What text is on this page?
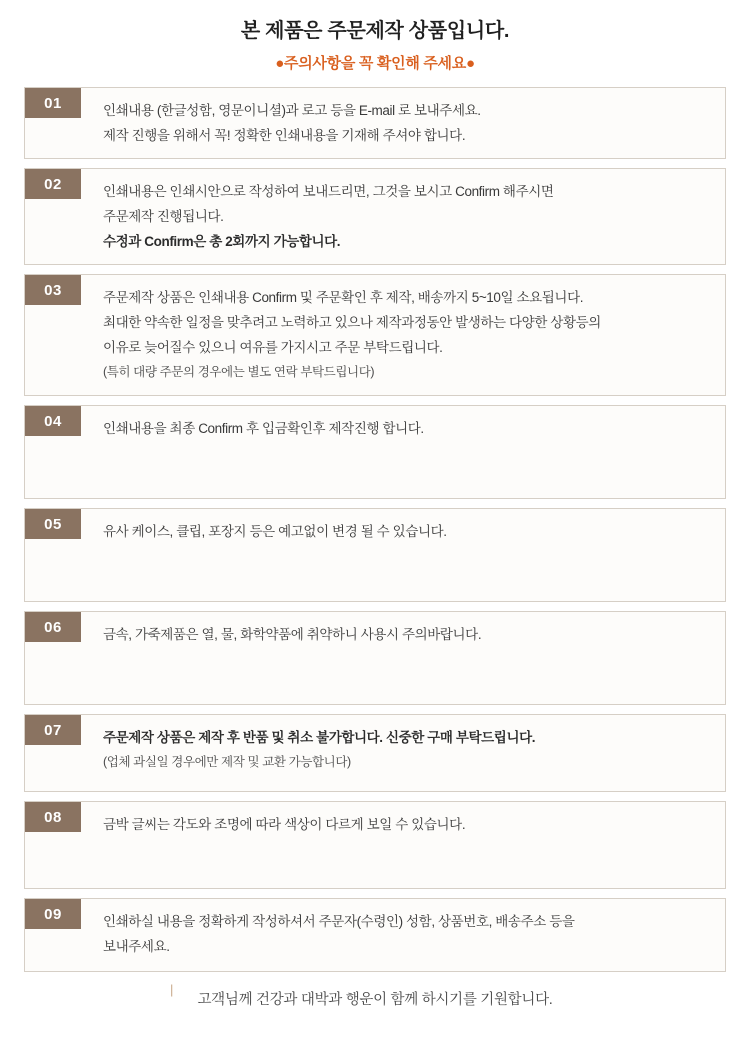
본 제품은 주문제작 상품입니다.
●주의사항을 꼭 확인해 주세요●
01	인쇄내용 (한글성함, 영문이니셜)과 로고 등을 E-mail 로 보내주세요.
제작 진행을 위해서 꼭! 정확한 인쇄내용을 기재해 주셔야 합니다.
02	인쇄내용은 인쇄시안으로 작성하여 보내드리면, 그것을 보시고 Confirm 해주시면
주문제작 진행됩니다.
수정과 Confirm은 총 2회까지 가능합니다.
03	주문제작 상품은 인쇄내용 Confirm 및 주문확인 후 제작, 배송까지 5~10일 소요됩니다.
최대한 약속한 일정을 맞추려고 노력하고 있으나 제작과정동안 발생하는 다양한 상황등의
이유로 늦어질수 있으니 여유를 가지시고 주문 부탁드립니다.
(특히 대량 주문의 경우에는 별도 연락 부탁드립니다)
04	인쇄내용을 최종 Confirm 후 입금확인후 제작진행 합니다.
05	유사 케이스, 클립, 포장지 등은 예고없이 변경 될 수 있습니다.
06	금속, 가죽제품은 열, 물, 화학약품에 취약하니 사용시 주의바랍니다.
07	주문제작 상품은 제작 후 반품 및 취소 불가합니다. 신중한 구매 부탁드립니다.
(업체 과실일 경우에만 제작 및 교환 가능합니다)
08	금박 글씨는 각도와 조명에 따라 색상이 다르게 보일 수 있습니다.
09	인쇄하실 내용을 정확하게 작성하셔서 주문자(수령인) 성함, 상품번호, 배송주소 등을
보내주세요.
|
고객님께 건강과 대박과 행운이 함께 하시기를 기원합니다.
